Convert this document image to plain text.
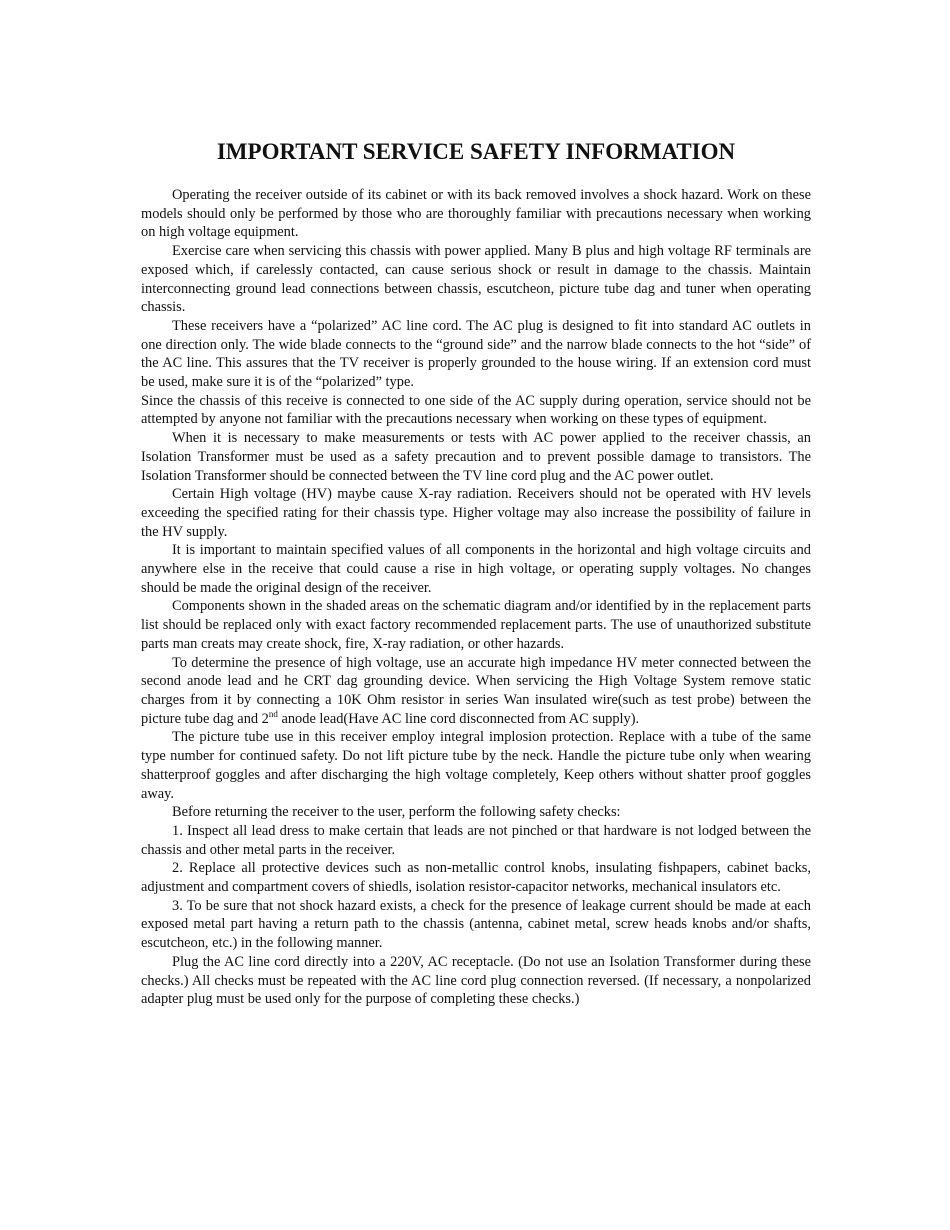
IMPORTANT SERVICE SAFETY INFORMATION

Operating the receiver outside of its cabinet or with its back removed involves a shock hazard. Work on these models should only be performed by those who are thoroughly familiar with precautions necessary when working on high voltage equipment.

Exercise care when servicing this chassis with power applied. Many B plus and high voltage RF terminals are exposed which, if carelessly contacted, can cause serious shock or result in damage to the chassis. Maintain interconnecting ground lead connections between chassis, escutcheon, picture tube dag and tuner when operating chassis.

These receivers have a “polarized” AC line cord. The AC plug is designed to fit into standard AC outlets in one direction only. The wide blade connects to the “ground side” and the narrow blade connects to the hot “side” of the AC line. This assures that the TV receiver is properly grounded to the house wiring. If an extension cord must be used, make sure it is of the “polarized” type.

Since the chassis of this receive is connected to one side of the AC supply during operation, service should not be attempted by anyone not familiar with the precautions necessary when working on these types of equipment.

When it is necessary to make measurements or tests with AC power applied to the receiver chassis, an Isolation Transformer must be used as a safety precaution and to prevent possible damage to transistors. The Isolation Transformer should be connected between the TV line cord plug and the AC power outlet.

Certain High voltage (HV) maybe cause X-ray radiation. Receivers should not be operated with HV levels exceeding the specified rating for their chassis type. Higher voltage may also increase the possibility of failure in the HV supply.

It is important to maintain specified values of all components in the horizontal and high voltage circuits and anywhere else in the receive that could cause a rise in high voltage, or operating supply voltages. No changes should be made the original design of the receiver.

Components shown in the shaded areas on the schematic diagram and/or identified by in the replacement parts list should be replaced only with exact factory recommended replacement parts. The use of unauthorized substitute parts man creats may create shock, fire, X-ray radiation, or other hazards.

To determine the presence of high voltage, use an accurate high impedance HV meter connected between the second anode lead and he CRT dag grounding device. When servicing the High Voltage System remove static charges from it by connecting a 10K Ohm resistor in series Wan insulated wire(such as test probe) between the picture tube dag and 2nd anode lead(Have AC line cord disconnected from AC supply).

The picture tube use in this receiver employ integral implosion protection. Replace with a tube of the same type number for continued safety. Do not lift picture tube by the neck. Handle the picture tube only when wearing shatterproof goggles and after discharging the high voltage completely, Keep others without shatter proof goggles away.

Before returning the receiver to the user, perform the following safety checks:

1. Inspect all lead dress to make certain that leads are not pinched or that hardware is not lodged between the chassis and other metal parts in the receiver.

2. Replace all protective devices such as non-metallic control knobs, insulating fishpapers, cabinet backs, adjustment and compartment covers of shiedls, isolation resistor-capacitor networks, mechanical insulators etc.

3. To be sure that not shock hazard exists, a check for the presence of leakage current should be made at each exposed metal part having a return path to the chassis (antenna, cabinet metal, screw heads knobs and/or shafts, escutcheon, etc.) in the following manner.

Plug the AC line cord directly into a 220V, AC receptacle. (Do not use an Isolation Transformer during these checks.) All checks must be repeated with the AC line cord plug connection reversed. (If necessary, a nonpolarized adapter plug must be used only for the purpose of completing these checks.)
